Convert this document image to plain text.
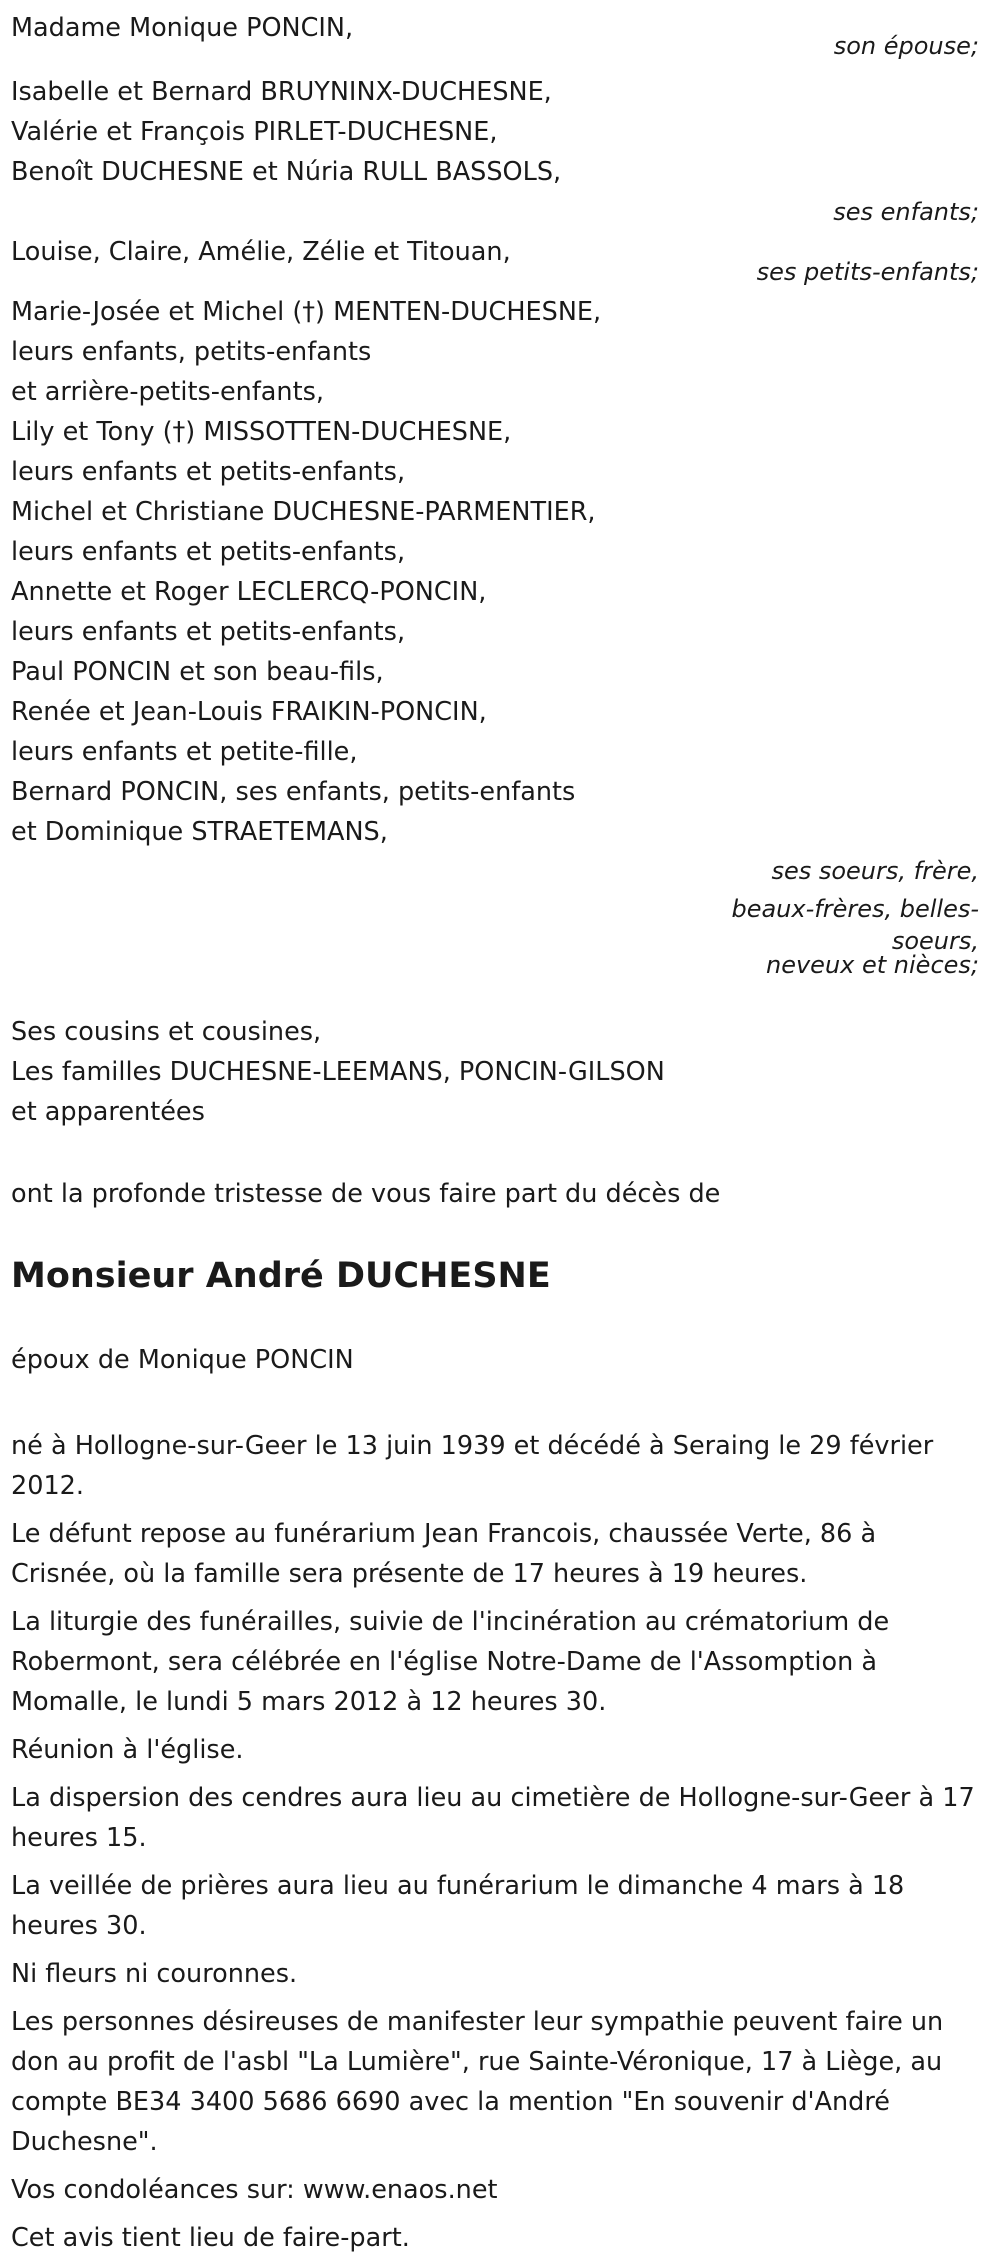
Madame Monique PONCIN,
son épouse;
Isabelle et Bernard BRUYNINX-DUCHESNE,
Valérie et François PIRLET-DUCHESNE,
Benoît DUCHESNE et Núria RULL BASSOLS,
ses enfants;
Louise, Claire, Amélie, Zélie et Titouan,
ses petits-enfants;
Marie-Josée et Michel (†) MENTEN-DUCHESNE,
leurs enfants, petits-enfants
et arrière-petits-enfants,
Lily et Tony (†) MISSOTTEN-DUCHESNE,
leurs enfants et petits-enfants,
Michel et Christiane DUCHESNE-PARMENTIER,
leurs enfants et petits-enfants,
Annette et Roger LECLERCQ-PONCIN,
leurs enfants et petits-enfants,
Paul PONCIN et son beau-fils,
Renée et Jean-Louis FRAIKIN-PONCIN,
leurs enfants et petite-fille,
Bernard PONCIN, ses enfants, petits-enfants
et Dominique STRAETEMANS,
ses soeurs, frère,
beaux-frères, belles-
soeurs,
neveux et nièces;
Ses cousins et cousines,
Les familles DUCHESNE-LEEMANS, PONCIN-GILSON
et apparentées
ont la profonde tristesse de vous faire part du décès de
Monsieur André DUCHESNE
époux de Monique PONCIN
né à Hollogne-sur-Geer le 13 juin 1939 et décédé à Seraing le 29 février 2012.
Le défunt repose au funérarium Jean Francois, chaussée Verte, 86 à Crisnée, où la famille sera présente de 17 heures à 19 heures.
La liturgie des funérailles, suivie de l'incinération au crématorium de Robermont, sera célébrée en l'église Notre-Dame de l'Assomption à Momalle, le lundi 5 mars 2012 à 12 heures 30.
Réunion à l'église.
La dispersion des cendres aura lieu au cimetière de Hollogne-sur-Geer à 17 heures 15.
La veillée de prières aura lieu au funérarium le dimanche 4 mars à 18 heures 30.
Ni fleurs ni couronnes.
Les personnes désireuses de manifester leur sympathie peuvent faire un don au profit de l'asbl "La Lumière", rue Sainte-Véronique, 17 à Liège, au compte BE34 3400 5686 6690 avec la mention "En souvenir d'André Duchesne".
Vos condoléances sur: www.enaos.net
Cet avis tient lieu de faire-part.
